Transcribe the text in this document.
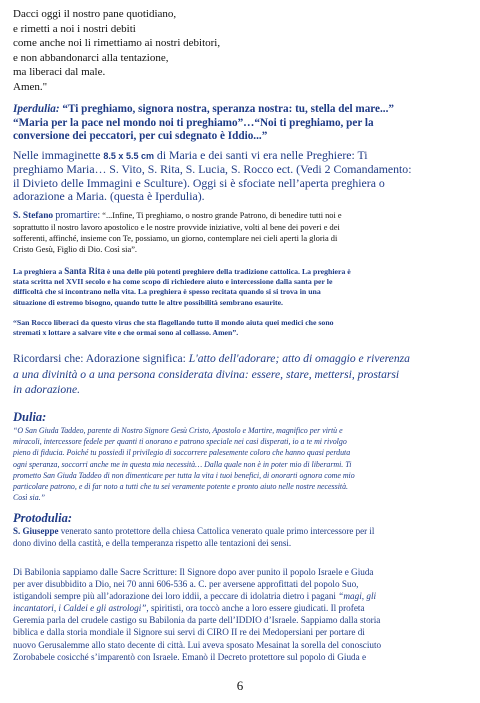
Dacci oggi il nostro pane quotidiano,
e rimetti a noi i nostri debiti
come anche noi li rimettiamo ai nostri debitori,
e non abbandonarci alla tentazione,
ma liberaci dal male.
Amen."
Iperdulia: “Ti preghiamo, signora nostra, speranza nostra: tu, stella del mare...”
“Maria per la pace nel mondo noi ti preghiamo”…“Noi ti preghiamo, per la
conversione dei peccatori, per cui sdegnato è Iddio...”
Nelle immaginette 8.5 x 5.5 cm di Maria e dei santi vi era nelle Preghiere: Ti
preghiamo Maria… S. Vito, S. Rita, S. Lucia, S. Rocco ect. (Vedi 2 Comandamento:
il Divieto delle Immagini e Sculture). Oggi si è sfociate nell’aperta preghiera o
adorazione a Maria. (questa è Iperdulia).
S. Stefano promartire: “...Infine, Ti preghiamo, o nostro grande Patrono, di benedire tutti noi e
soprattutto il nostro lavoro apostolico e le nostre provvide iniziative, volti al bene dei poveri e dei
sofferenti, affinché, insieme con Te, possiamo, un giorno, contemplare nei cieli aperti la gloria di
Cristo Gesù, Figlio di Dio. Così sia”.
La preghiera a Santa Rita è una delle più potenti preghiere della tradizione cattolica. La preghiera è
stata scritta nel XVII secolo e ha come scopo di richiedere aiuto e intercessione dalla santa per le
difficoltà che si incontrano nella vita. La preghiera è spesso recitata quando si si trova in una
situazione di estremo bisogno, quando tutte le altre possibilità sembrano esaurite.
“San Rocco liberaci da questo virus che sta flagellando tutto il mondo aiuta quei medici che sono
stremati x lottare a salvare vite e che ormai sono al collasso. Amen”.
Ricordarsi che: Adorazione significa: L'atto dell'adorare; atto di omaggio e riverenza
a una divinità o a una persona considerata divina: essere, stare, mettersi, prostarsi
in adorazione.
Dulia:
“O San Giuda Taddeo, parente di Nostro Signore Gesù Cristo, Apostolo e Martire, magnifico per virtù e
miracoli, intercessore fedele per quanti ti onorano e patrono speciale nei casi disperati, io a te mi rivolgo
pieno di fiducia. Poiché tu possiedi il privilegio di soccorrere palesemente coloro che hanno quasi perduta
ogni speranza, soccorri anche me in questa mia necessità… Dalla quale non è in poter mio di liberarmi. Ti
prometto San Giuda Taddeo di non dimenticare per tutta la vita i tuoi benefici, di onorarti ognora come mio
particolare patrono, e di far noto a tutti che tu sei veramente potente e pronto aiuto nelle nostre necessità.
Così sia.”
Protodulia:
S. Giuseppe venerato santo protettore della chiesa Cattolica venerato quale primo intercessore per il
dono divino della castità, e della temperanza rispetto alle tentazioni dei sensi.
Di Babilonia sappiamo dalle Sacre Scritture: Il Signore dopo aver punito il popolo Israele e Giuda
per aver disubbidito a Dio, nei 70 anni 606-536 a. C. per aversene approfittati del popolo Suo,
istigandoli sempre più all’adorazione dei loro iddii, a peccare di idolatria dietro i pagani “magi, gli
incantatori, i Caldei e gli astrologi”, spiritisti, ora toccò anche a loro essere giudicati. Il profeta
Geremia parla del crudele castigo su Babilonia da parte dell’IDDIO d’Israele. Sappiamo dalla storia
biblica e dalla storia mondiale il Signore sui servi di CIRO II re dei Medopersiani per portare di
nuovo Gerusalemme allo stato decente di città. Lui aveva sposato Mesainat la sorella del conosciuto
Zorobabele cosicché s’imparentò con Israele. Emanò il Decreto protettore sul popolo di Giuda e
6
